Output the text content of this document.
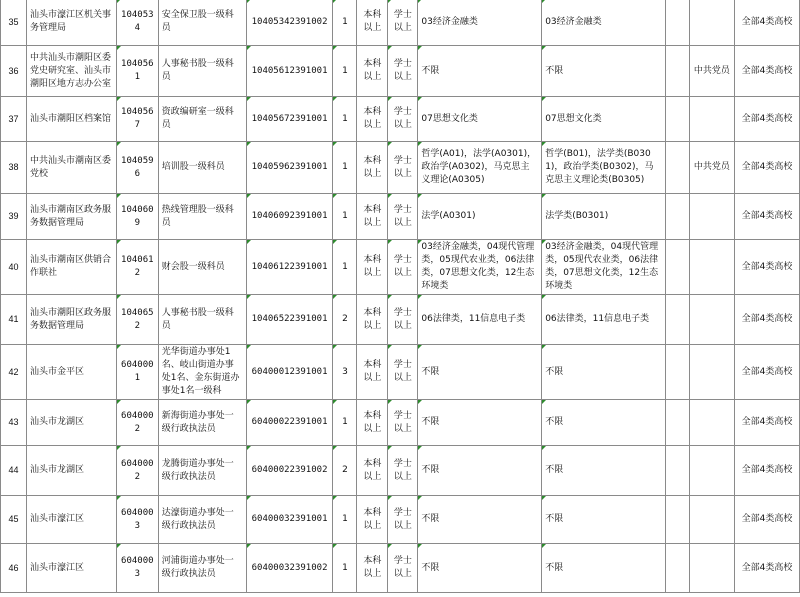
35	汕头市濠江区机关事务管理局	1040534	安全保卫股一级科员	10405342391002	1	本科以上	学士以上	03经济金融类	03经济金融类			全部4类高校
36	中共汕头市潮阳区委党史研究室、汕头市潮阳区地方志办公室	1040561	人事秘书股一级科员	10405612391001	1	本科以上	学士以上	不限	不限		中共党员	全部4类高校
37	汕头市潮阳区档案馆	1040567	资政编研室一级科员	10405672391001	1	本科以上	学士以上	07思想文化类	07思想文化类			全部4类高校
38	中共汕头市潮南区委党校	1040596	培训股一级科员	10405962391001	1	本科以上	学士以上	哲学(A01)，法学(A0301)，政治学(A0302)，马克思主义理论(A0305)	哲学(B01)，法学类(B0301)，政治学类(B0302)，马克思主义理论类(B0305)		中共党员	全部4类高校
39	汕头市潮南区政务服务数据管理局	1040609	热线管理股一级科员	10406092391001	1	本科以上	学士以上	法学(A0301)	法学类(B0301)			全部4类高校
40	汕头市潮南区供销合作联社	1040612	财会股一级科员	10406122391001	1	本科以上	学士以上	03经济金融类，04现代管理类，05现代农业类，06法律类，07思想文化类，12生态环境类	03经济金融类，04现代管理类，05现代农业类，06法律类，07思想文化类，12生态环境类			全部4类高校
41	汕头市潮阳区政务服务数据管理局	1040652	人事秘书股一级科员	10406522391001	2	本科以上	学士以上	06法律类，11信息电子类	06法律类，11信息电子类			全部4类高校
42	汕头市金平区	6040001	光华街道办事处1名、岐山街道办事处1名、金东街道办事处1名一级科	60400012391001	3	本科以上	学士以上	不限	不限			全部4类高校
43	汕头市龙湖区	6040002	新海街道办事处一级行政执法员	60400022391001	1	本科以上	学士以上	不限	不限			全部4类高校
44	汕头市龙湖区	6040002	龙腾街道办事处一级行政执法员	60400022391002	2	本科以上	学士以上	不限	不限			全部4类高校
45	汕头市濠江区	6040003	达濠街道办事处一级行政执法员	60400032391001	1	本科以上	学士以上	不限	不限			全部4类高校
46	汕头市濠江区	6040003	河浦街道办事处一级行政执法员	60400032391002	1	本科以上	学士以上	不限	不限			全部4类高校
